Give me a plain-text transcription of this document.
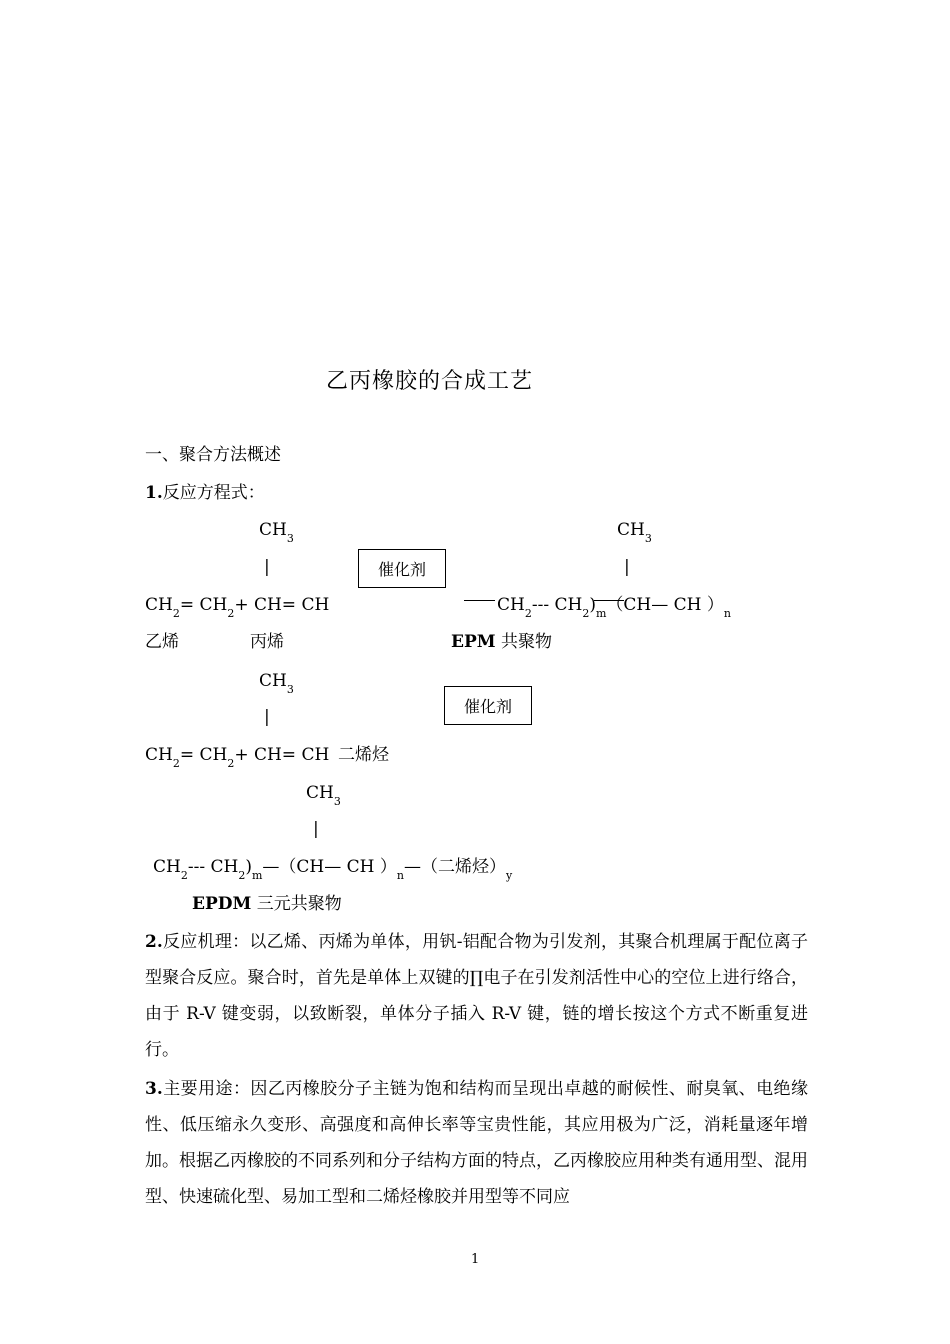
乙丙橡胶的合成工艺
一、聚合方法概述
1.反应方程式：
$CH_3$
|	催化剂
$CH_3$
|
$CH_2= CH_2+ CH=$ CH	$CH_2---$ $CH_2)_m(CH—$ CH ）$_n$
乙烯	丙烯	EPM 共聚物
$CH_3$
|
催化剂
$CH_2= CH_2+ CH=$ CH 二烯烃
$CH_3$
|
$CH_2---$ $CH_2)_m—(CH—$ CH ）$_n—$（二烯烃）$_y$
EPDM 三元共聚物
2.反应机理：以乙烯、丙烯为单体，用钒-铝配合物为引发剂，其聚合机理属于配位离子型聚合反应。聚合时，首先是单体上双键的∏电子在引发剂活性中心的空位上进行络合，由于 R-V 键变弱，以致断裂，单体分子插入 R-V 键，链的增长按这个方式不断重复进行。
3.主要用途：因乙丙橡胶分子主链为饱和结构而呈现出卓越的耐候性、耐臭氧、电绝缘性、低压缩永久变形、高强度和高伸长率等宝贵性能，其应用极为广泛，消耗量逐年增加。根据乙丙橡胶的不同系列和分子结构方面的特点，乙丙橡胶应用种类有通用型、混用型、快速硫化型、易加工型和二烯烃橡胶并用型等不同应
1
